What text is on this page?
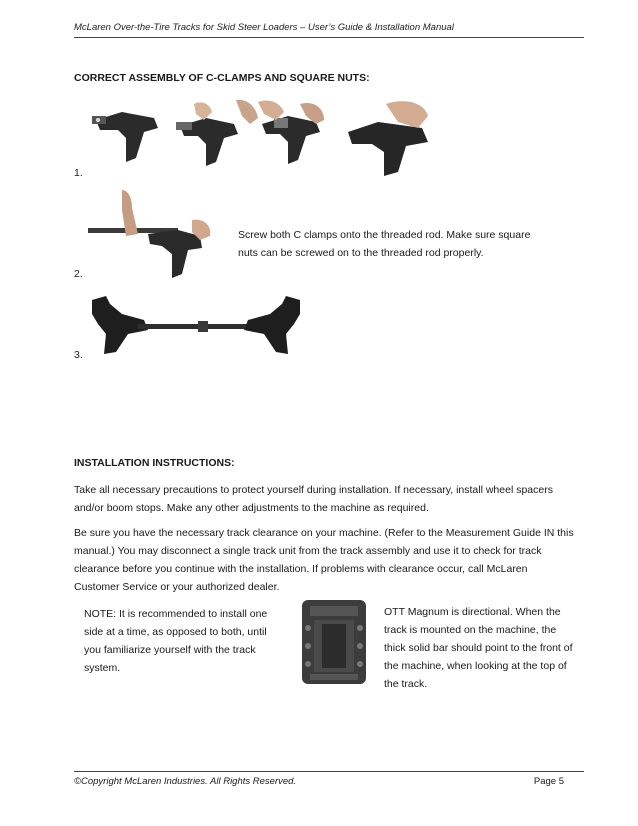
McLaren Over-the-Tire Tracks for Skid Steer Loaders – User’s Guide & Installation Manual
CORRECT ASSEMBLY OF C-CLAMPS AND SQUARE NUTS:
1.
Screw both C clamps onto the threaded rod. Make sure square nuts can be screwed on to the threaded rod properly.
2.
3.
INSTALLATION INSTRUCTIONS:
Take all necessary precautions to protect yourself during installation. If necessary, install wheel spacers and/or boom stops. Make any other adjustments to the machine as required.
Be sure you have the necessary track clearance on your machine. (Refer to the Measurement Guide IN this manual.) You may disconnect a single track unit from the track assembly and use it to check for track clearance before you continue with the installation. If problems with clearance occur, call McLaren Customer Service or your authorized dealer.
NOTE: It is recommended to install one side at a time, as opposed to both, until you familiarize yourself with the track system.
OTT Magnum is directional. When the track is mounted on the machine, the thick solid bar should point to the front of the machine, when looking at the top of the track.
©Copyright McLaren Industries. All Rights Reserved.	Page 5
